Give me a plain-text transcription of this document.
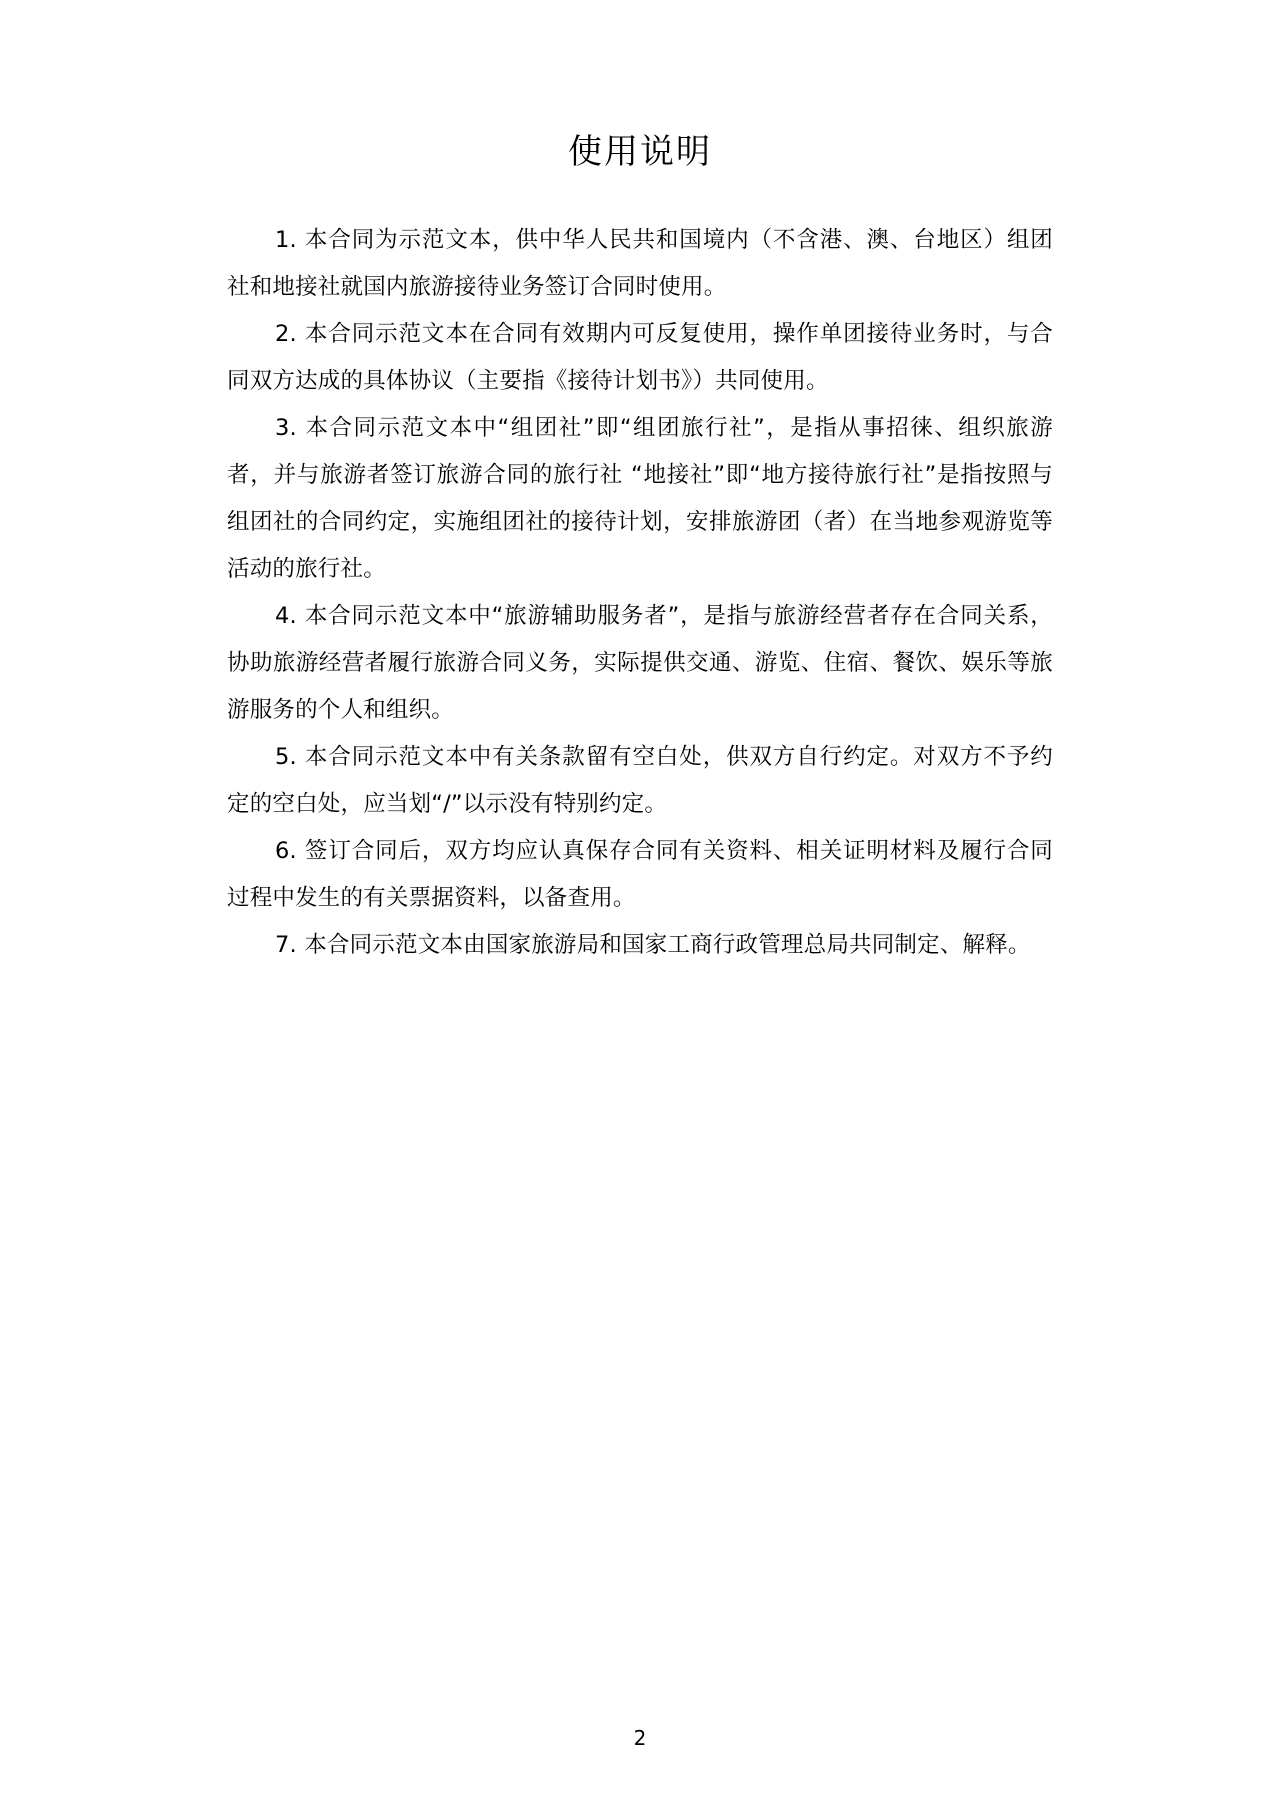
使用说明

1. 本合同为示范文本，供中华人民共和国境内（不含港、澳、台地区）组团社和地接社就国内旅游接待业务签订合同时使用。

2. 本合同示范文本在合同有效期内可反复使用，操作单团接待业务时，与合同双方达成的具体协议（主要指《接待计划书》）共同使用。

3. 本合同示范文本中“组团社”即“组团旅行社”，是指从事招徕、组织旅游者，并与旅游者签订旅游合同的旅行社 “地接社”即“地方接待旅行社”是指按照与组团社的合同约定，实施组团社的接待计划，安排旅游团（者）在当地参观游览等活动的旅行社。

4. 本合同示范文本中“旅游辅助服务者”，是指与旅游经营者存在合同关系，协助旅游经营者履行旅游合同义务，实际提供交通、游览、住宿、餐饮、娱乐等旅游服务的个人和组织。

5. 本合同示范文本中有关条款留有空白处，供双方自行约定。对双方不予约定的空白处，应当划“/”以示没有特别约定。

6. 签订合同后，双方均应认真保存合同有关资料、相关证明材料及履行合同过程中发生的有关票据资料，以备查用。

7. 本合同示范文本由国家旅游局和国家工商行政管理总局共同制定、解释。

2
